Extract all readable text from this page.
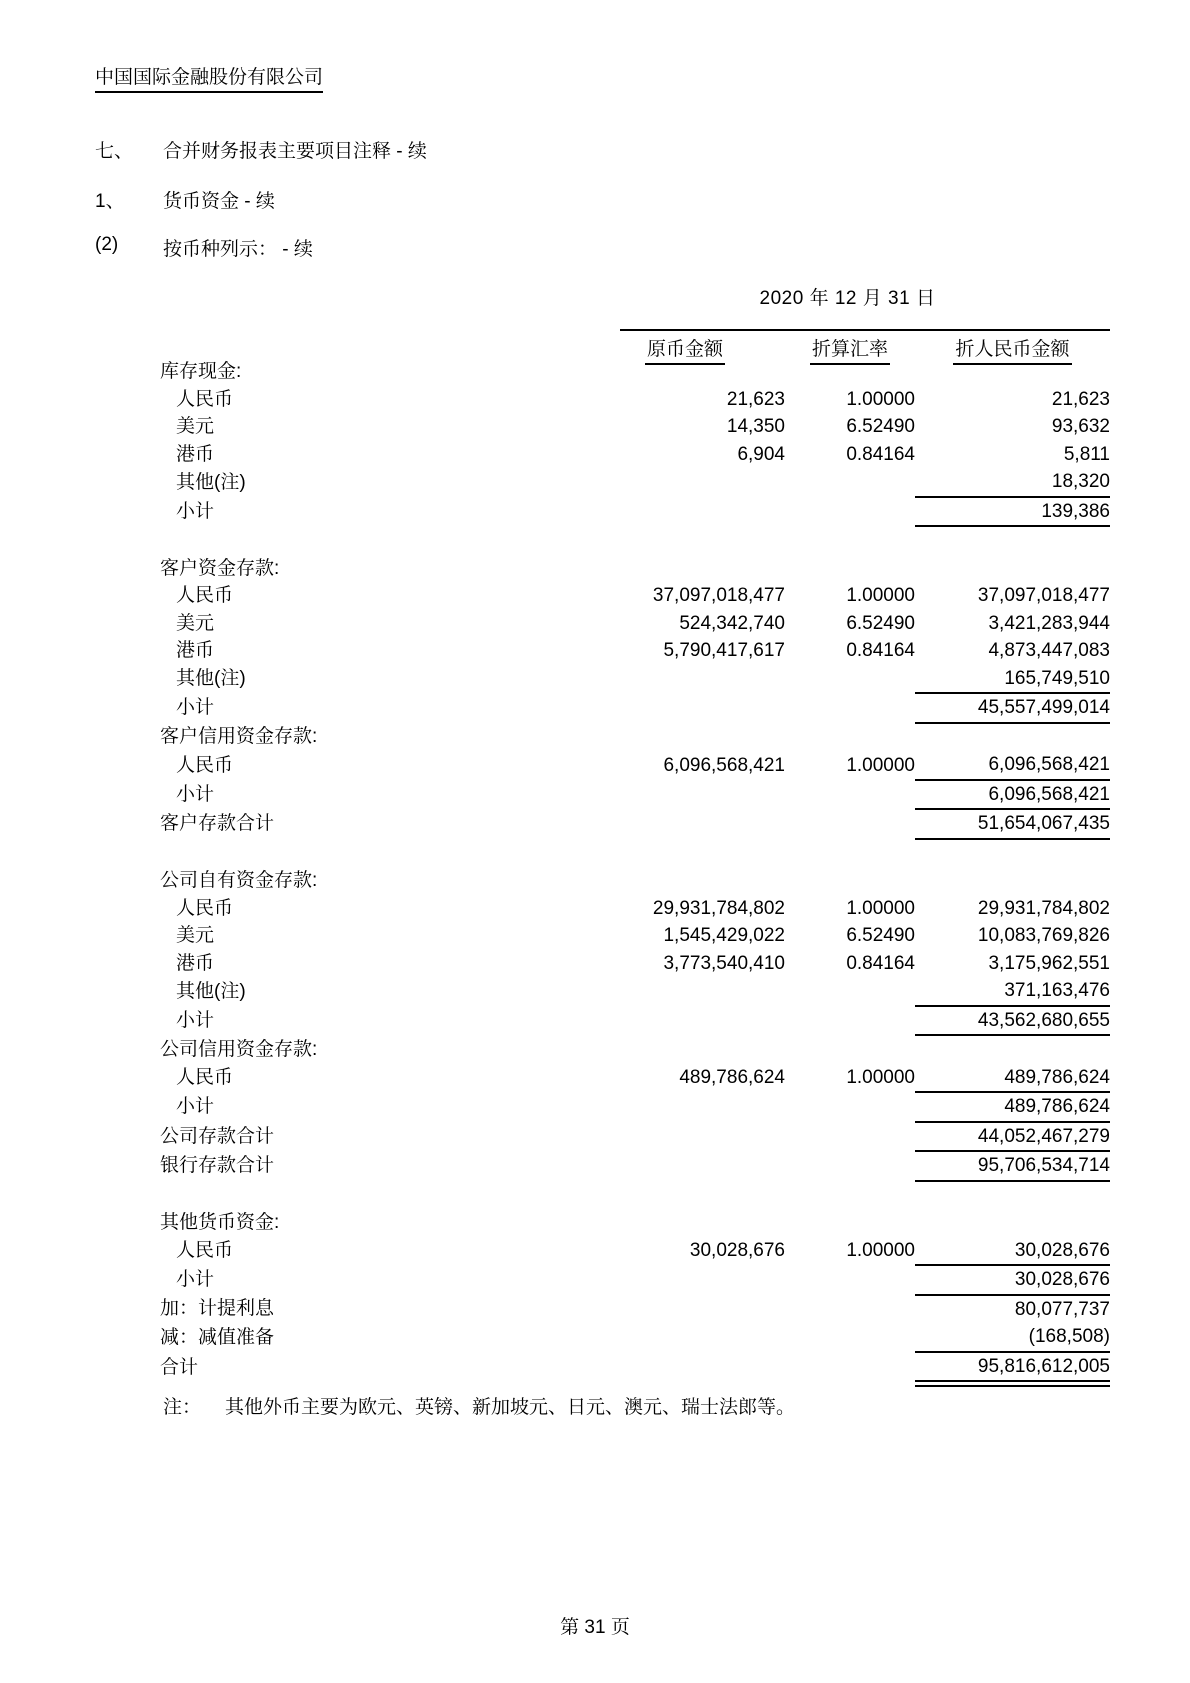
中国国际金融股份有限公司
七、 合并财务报表主要项目注释 - 续
1、 货币资金 - 续
(2) 按币种列示： - 续
2020 年 12 月 31 日
原币金额	折算汇率	折人民币金额
库存现金:			
人民币	21,623	1.00000	21,623
美元	14,350	6.52490	93,632
港币	6,904	0.84164	5,811
其他(注)			18,320
小计			139,386

客户资金存款:			
人民币	37,097,018,477	1.00000	37,097,018,477
美元	524,342,740	6.52490	3,421,283,944
港币	5,790,417,617	0.84164	4,873,447,083
其他(注)			165,749,510
小计			45,557,499,014
客户信用资金存款:			
人民币	6,096,568,421	1.00000	6,096,568,421
小计			6,096,568,421
客户存款合计			51,654,067,435

公司自有资金存款:			
人民币	29,931,784,802	1.00000	29,931,784,802
美元	1,545,429,022	6.52490	10,083,769,826
港币	3,773,540,410	0.84164	3,175,962,551
其他(注)			371,163,476
小计			43,562,680,655
公司信用资金存款:			
人民币	489,786,624	1.00000	489,786,624
小计			489,786,624
公司存款合计			44,052,467,279
银行存款合计			95,706,534,714

其他货币资金:			
人民币	30,028,676	1.00000	30,028,676
小计			30,028,676
加：计提利息			80,077,737
减：减值准备			(168,508)
合计			95,816,612,005
注： 其他外币主要为欧元、英镑、新加坡元、日元、澳元、瑞士法郎等。
第 31 页
